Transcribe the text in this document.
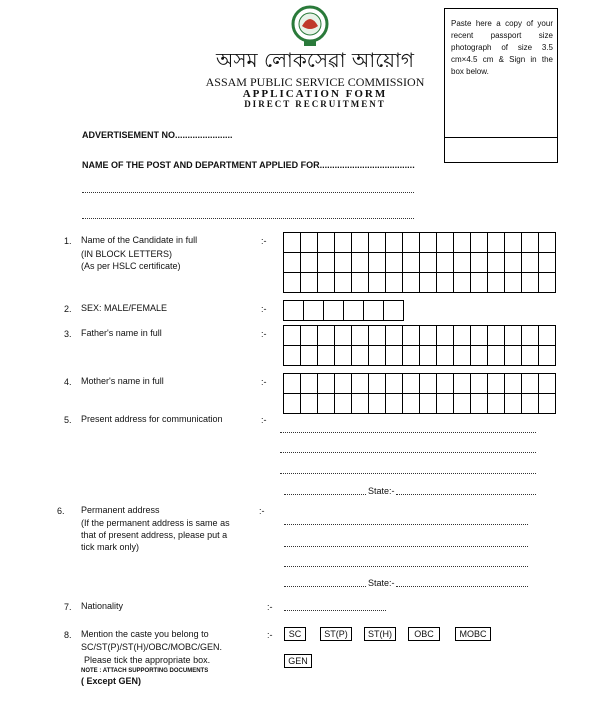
অসম লোকসেৱা আয়োগ
ASSAM PUBLIC SERVICE COMMISSION
APPLICATION FORM
DIRECT RECRUITMENT
Paste here a copy of your recent passport size photograph of size 3.5 cm×4.5 cm & Sign in the box below.
ADVERTISEMENT NO.......................
NAME OF THE POST AND DEPARTMENT APPLIED FOR......................................
1. Name of the Candidate in full
(IN BLOCK LETTERS)
(As per HSLC certificate)
:-
2. SEX: MALE/FEMALE	:-
3. Father's name in full	:-
4. Mother's name in full	:-
5. Present address for communication	:-
State:-
6. Permanent address
(If the permanent address is same as
that of present address, please put a
tick mark only)
:-
State:-
7. Nationality	:-
8. Mention the caste you belong to
SC/ST(P)/ST(H)/OBC/MOBC/GEN.
Please tick the appropriate box.
NOTE : ATTACH SUPPORTING DOCUMENTS
( Except GEN)
:-	SC	ST(P)	ST(H)	OBC	MOBC
GEN
